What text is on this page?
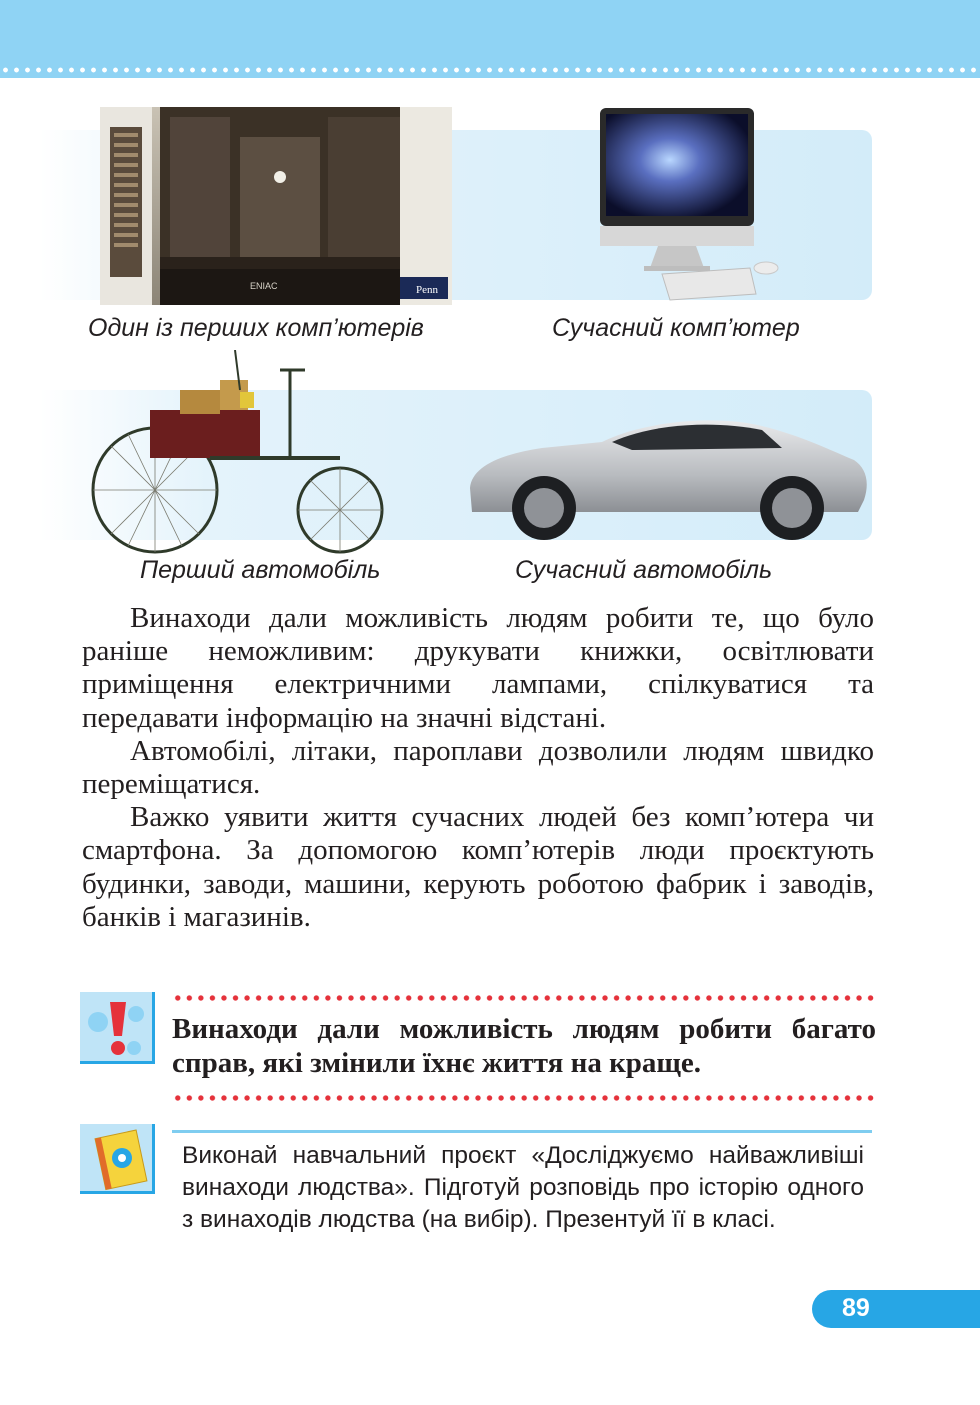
ENIAC	Penn
Один із перших комп’ютерів	Сучасний комп’ютер
Перший автомобіль	Сучасний автомобіль

Винаходи дали можливість людям робити те, що було раніше неможливим: друкувати книжки, освітлювати приміщення електричними лампами, спілкуватися та передавати інформацію на значні відстані.

Автомобілі, літаки, пароплави дозволили людям швидко переміщатися.

Важко уявити життя сучасних людей без комп’ютера чи смартфона. За допомогою комп’ютерів люди проєктують будинки, заводи, машини, керують роботою фабрик і заводів, банків і магазинів.

Винаходи дали можливість людям робити багато справ, які змінили їхнє життя на краще.
Виконай навчальний проєкт «Досліджуємо найважливіші винаходи людства». Підготуй розповідь про історію одного з винаходів людства (на вибір). Презентуй її в класі.
89
